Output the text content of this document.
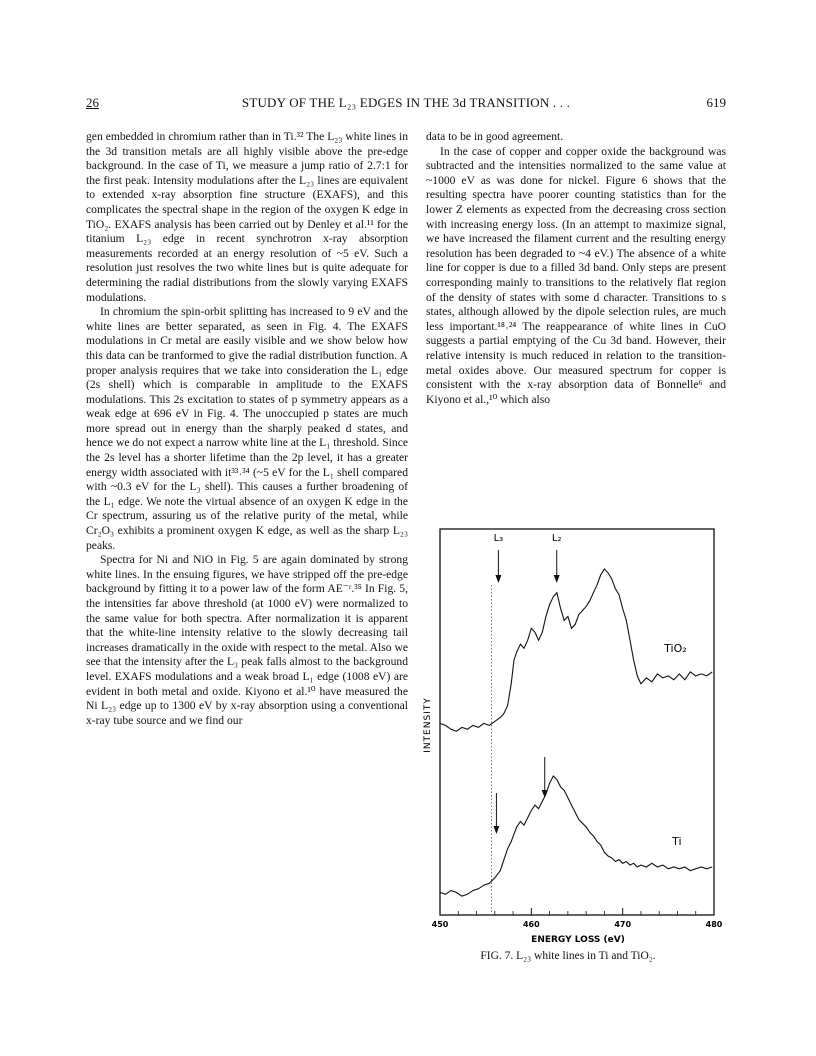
26	STUDY OF THE L₂₃ EDGES IN THE 3d TRANSITION . . .	619

gen embedded in chromium rather than in Ti.³² The L₂₃ white lines in the 3d transition metals are all highly visible above the pre-edge background. In the case of Ti, we measure a jump ratio of 2.7:1 for the first peak. Intensity modulations after the L₂₃ lines are equivalent to extended x-ray absorption fine structure (EXAFS), and this complicates the spectral shape in the region of the oxygen K edge in TiO₂. EXAFS analysis has been carried out by Denley et al.¹¹ for the titanium L₂₃ edge in recent synchrotron x-ray absorption measurements recorded at an energy resolution of ~5 eV. Such a resolution just resolves the two white lines but is quite adequate for determining the radial distributions from the slowly varying EXAFS modulations.

In chromium the spin-orbit splitting has increased to 9 eV and the white lines are better separated, as seen in Fig. 4. The EXAFS modulations in Cr metal are easily visible and we show below how this data can be tranformed to give the radial distribution function. A proper analysis requires that we take into consideration the L₁ edge (2s shell) which is comparable in amplitude to the EXAFS modulations. This 2s excitation to states of p symmetry appears as a weak edge at 696 eV in Fig. 4. The unoccupied p states are much more spread out in energy than the sharply peaked d states, and hence we do not expect a narrow white line at the L₁ threshold. Since the 2s level has a shorter lifetime than the 2p level, it has a greater energy width associated with it³³˒³⁴ (~5 eV for the L₁ shell compared with ~0.3 eV for the L₃ shell). This causes a further broadening of the L₁ edge. We note the virtual absence of an oxygen K edge in the Cr spectrum, assuring us of the relative purity of the metal, while Cr₂O₃ exhibits a prominent oxygen K edge, as well as the sharp L₂₃ peaks.

Spectra for Ni and NiO in Fig. 5 are again dominated by strong white lines. In the ensuing figures, we have stripped off the pre-edge background by fitting it to a power law of the form AE⁻ʳ.³⁵ In Fig. 5, the intensities far above threshold (at 1000 eV) were normalized to the same value for both spectra. After normalization it is apparent that the white-line intensity relative to the slowly decreasing tail increases dramatically in the oxide with respect to the metal. Also we see that the intensity after the L₃ peak falls almost to the background level. EXAFS modulations and a weak broad L₁ edge (1008 eV) are evident in both metal and oxide. Kiyono et al.¹⁰ have measured the Ni L₂₃ edge up to 1300 eV by x-ray absorption using a conventional x-ray tube source and we find our

data to be in good agreement.

In the case of copper and copper oxide the background was subtracted and the intensities normalized to the same value at ~1000 eV as was done for nickel. Figure 6 shows that the resulting spectra have poorer counting statistics than for the lower Z elements as expected from the decreasing cross section with increasing energy loss. (In an attempt to maximize signal, we have increased the filament current and the resulting energy resolution has been degraded to ~4 eV.) The absence of a white line for copper is due to a filled 3d band. Only steps are present corresponding mainly to transitions to the relatively flat region of the density of states with some d character. Transitions to s states, although allowed by the dipole selection rules, are much less important.¹⁸˒²⁴ The reappearance of white lines in CuO suggests a partial emptying of the Cu 3d band. However, their relative intensity is much reduced in relation to the transition-metal oxides above. Our measured spectrum for copper is consistent with the x-ray absorption data of Bonnelle⁶ and Kiyono et al.,¹⁰ which also

L₃	L₂
450	460	470	480
TiO₂
Ti
INTENSITY
ENERGY LOSS (eV)
FIG. 7. L₂₃ white lines in Ti and TiO₂.
